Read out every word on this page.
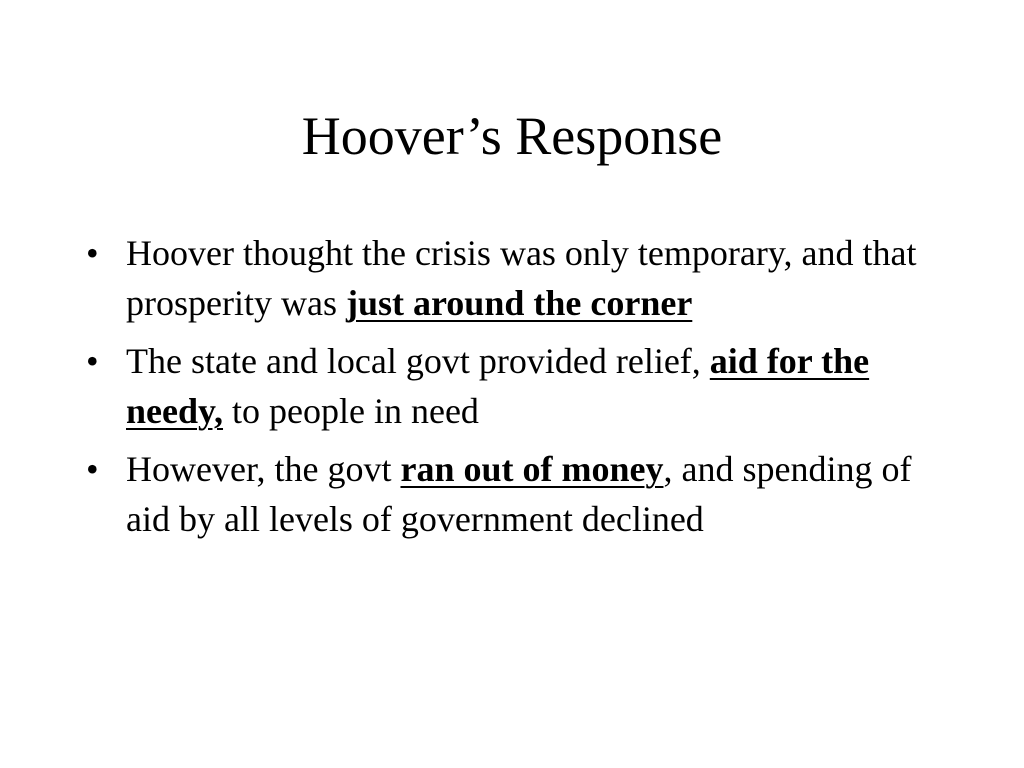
Hoover’s Response
• Hoover thought the crisis was only temporary, and that prosperity was just around the corner
• The state and local govt provided relief, aid for the needy, to people in need
• However, the govt ran out of money, and spending of aid by all levels of government declined
